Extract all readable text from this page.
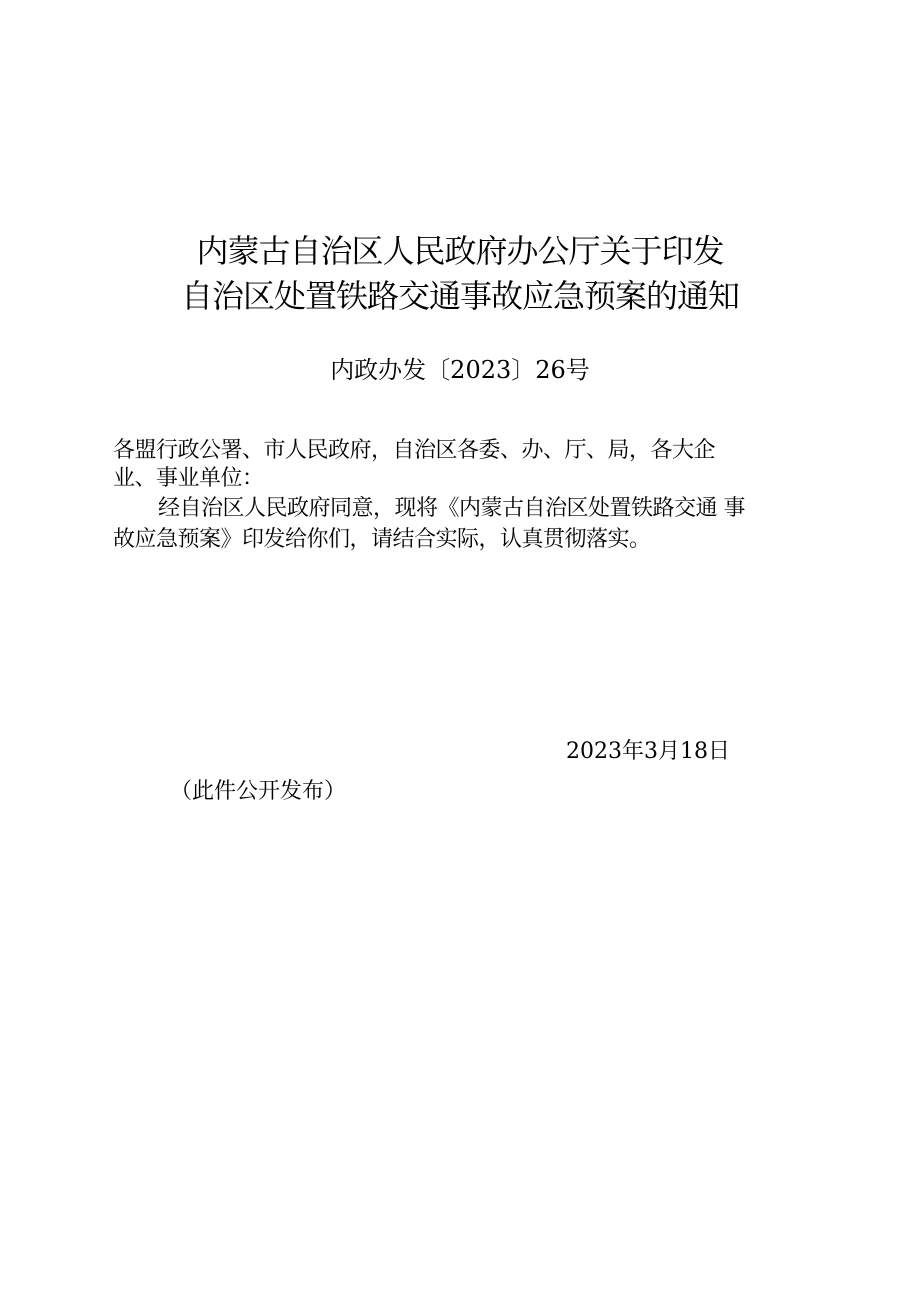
内蒙古自治区人民政府办公厅关于印发
自治区处置铁路交通事故应急预案的通知
内政办发〔2023〕26号
各盟行政公署、市人民政府，自治区各委、办、厅、局，各大企
业、事业单位：
经自治区人民政府同意，现将《内蒙古自治区处置铁路交通 事
故应急预案》印发给你们，请结合实际，认真贯彻落实。
2023年3月18日
（此件公开发布）
